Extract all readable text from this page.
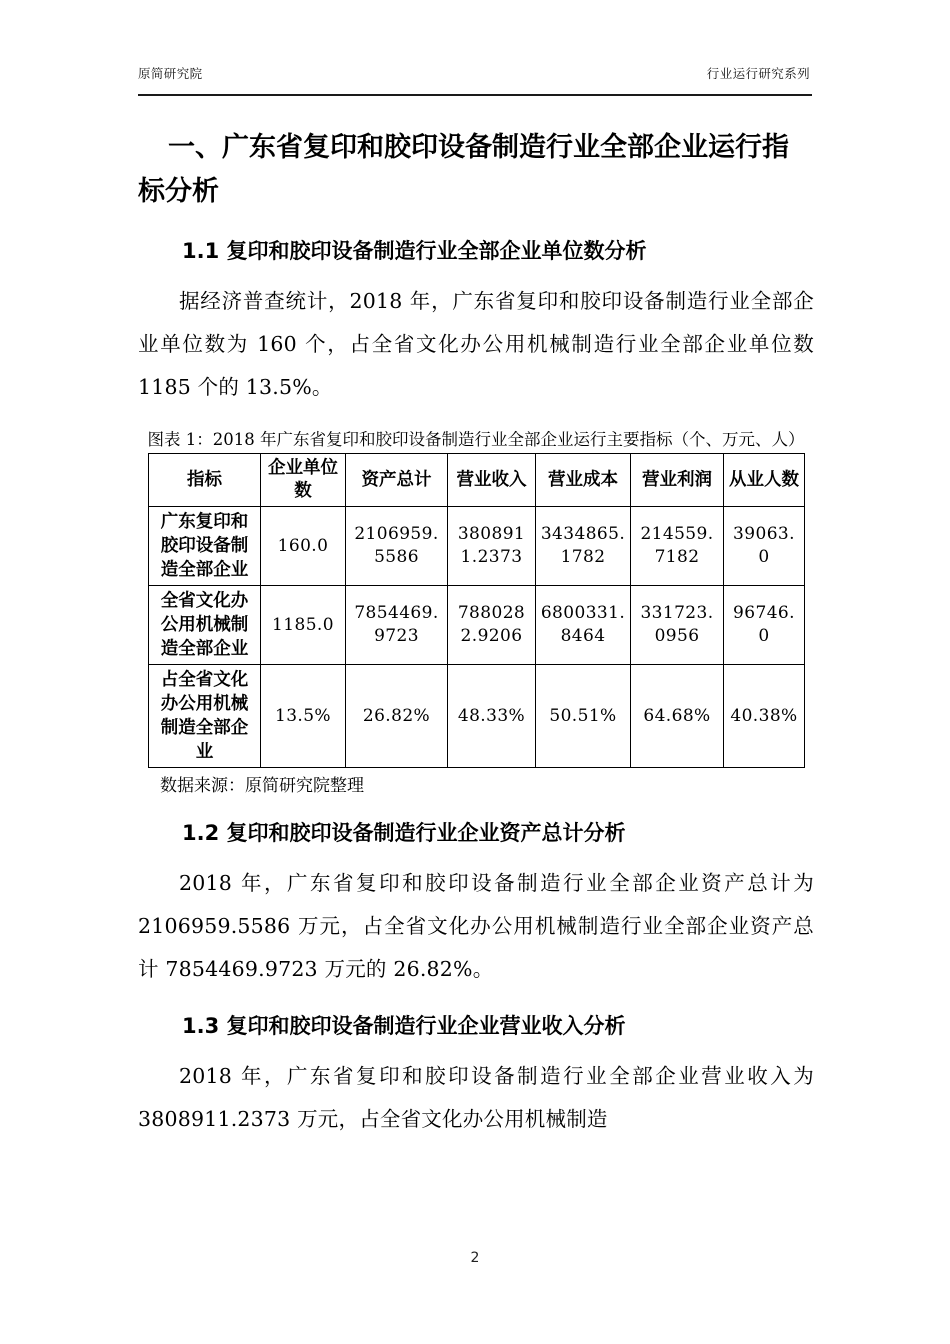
原简研究院	行业运行研究系列
一、广东省复印和胶印设备制造行业全部企业运行指标分析
1.1 复印和胶印设备制造行业全部企业单位数分析

据经济普查统计，2018 年，广东省复印和胶印设备制造行业全部企业单位数为 160 个，占全省文化办公用机械制造行业全部企业单位数 1185 个的 13.5%。

图表 1：2018 年广东省复印和胶印设备制造行业全部企业运行主要指标（个、万元、人）
指标	企业单位数	资产总计	营业收入	营业成本	营业利润	从业人数
广东复印和胶印设备制造全部企业	160.0	2106959.5586	3808911.2373	3434865.1782	214559.7182	39063.0
全省文化办公用机械制造全部企业	1185.0	7854469.9723	7880282.9206	6800331.8464	331723.0956	96746.0
占全省文化办公用机械制造全部企业	13.5%	26.82%	48.33%	50.51%	64.68%	40.38%
数据来源：原简研究院整理
1.2 复印和胶印设备制造行业企业资产总计分析

2018 年，广东省复印和胶印设备制造行业全部企业资产总计为 2106959.5586 万元，占全省文化办公用机械制造行业全部企业资产总计 7854469.9723 万元的 26.82%。

1.3 复印和胶印设备制造行业企业营业收入分析

2018 年，广东省复印和胶印设备制造行业全部企业营业收入为 3808911.2373 万元，占全省文化办公用机械制造

2
